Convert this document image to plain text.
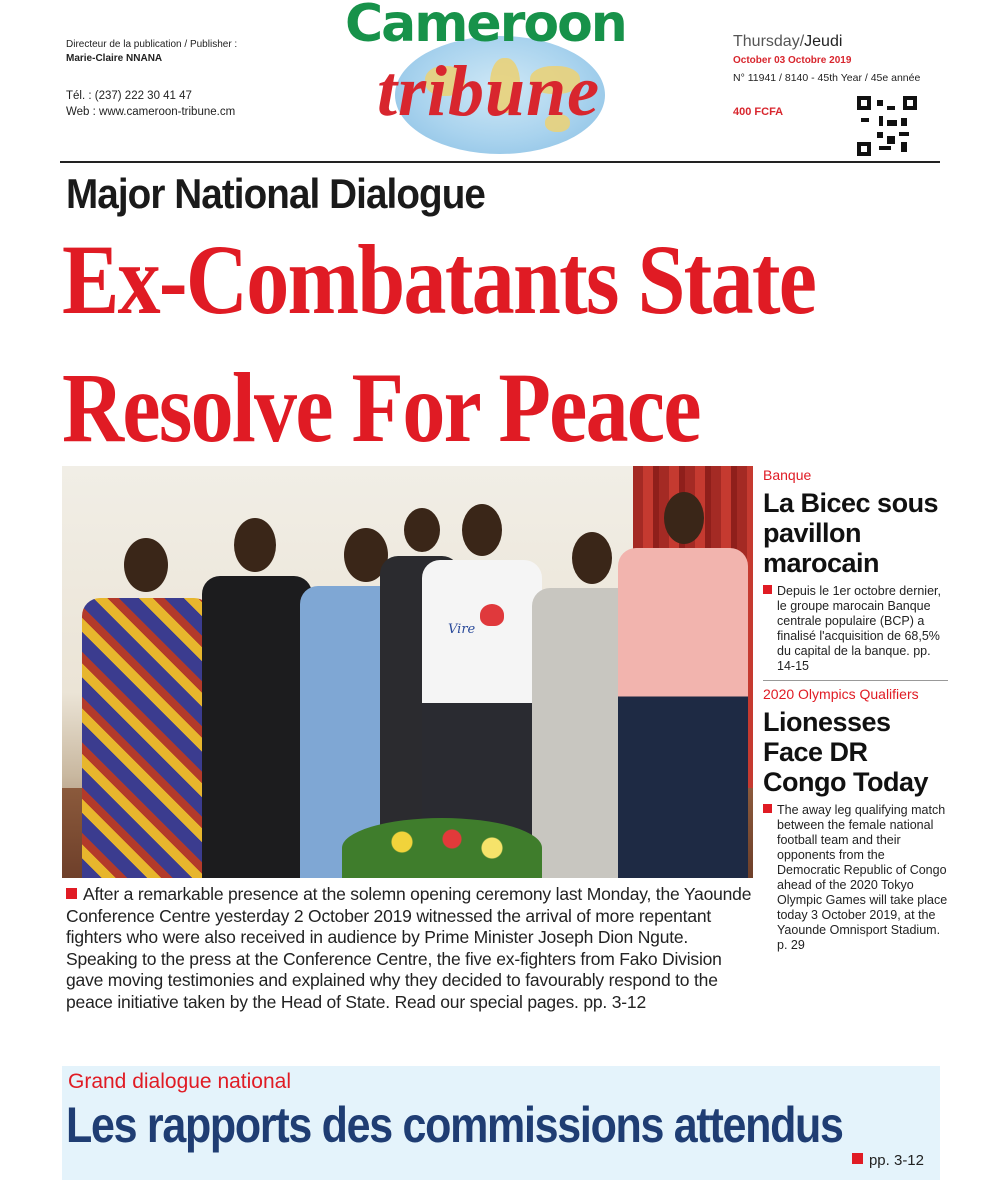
Directeur de la publication / Publisher :
Marie-Claire NNANA
Tél. : (237) 222 30 41 47
Web : www.cameroon-tribune.cm
Cameroon
tribune
Thursday/Jeudi
October 03 Octobre 2019
N° 11941 / 8140 - 45th Year / 45e année
400 FCFA
Major National Dialogue
Ex-Combatants State
Resolve For Peace
Vire
After a remarkable presence at the solemn opening ceremony last Monday, the Yaounde Conference Centre yesterday 2 October 2019 witnessed the arrival of more repentant fighters who were also received in audience by Prime Minister Joseph Dion Ngute. Speaking to the press at the Conference Centre, the five ex-fighters from Fako Division gave moving testimonies and explained why they decided to favourably respond to the peace initiative taken by the Head of State. Read our special pages. pp. 3-12
Banque
La Bicec sous pavillon marocain
Depuis le 1er octobre dernier, le groupe marocain Banque centrale populaire (BCP) a finalisé l'acquisition de 68,5% du capital de la banque. pp. 14-15
2020 Olympics Qualifiers
Lionesses Face DR Congo Today
The away leg qualifying match between the female national football team and their opponents from the Democratic Republic of Congo ahead of the 2020 Tokyo Olympic Games will take place today 3 October 2019, at the Yaounde Omnisport Stadium. p. 29
Grand dialogue national
Les rapports des commissions attendus
pp. 3-12
